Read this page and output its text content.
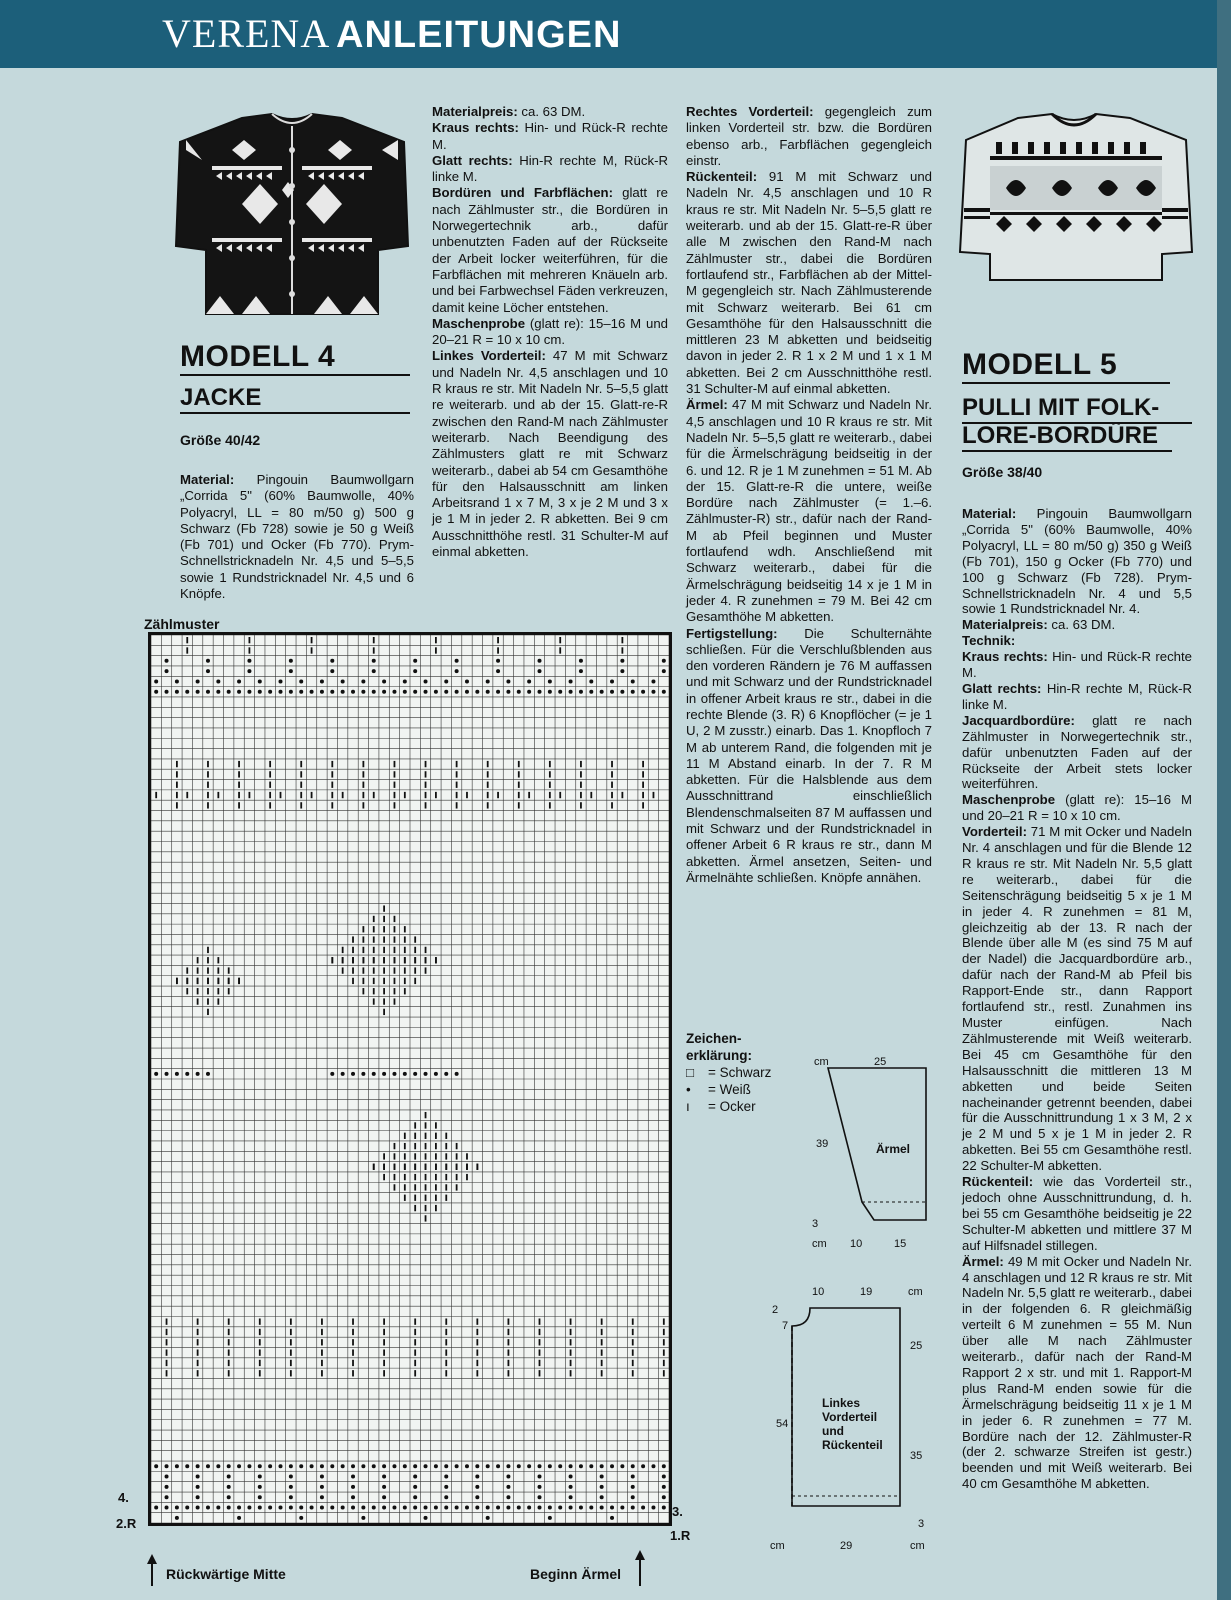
VERENA ANLEITUNGEN
MODELL 4
JACKE
Größe 40/42

Material: Pingouin Baumwollgarn „Corrida 5" (60% Baumwolle, 40% Polyacryl, LL = 80 m/50 g) 500 g Schwarz (Fb 728) sowie je 50 g Weiß (Fb 701) und Ocker (Fb 770). Prym-Schnellstricknadeln Nr. 4,5 und 5–5,5 sowie 1 Rundstricknadel Nr. 4,5 und 6 Knöpfe.

Materialpreis: ca. 63 DM.

Kraus rechts: Hin- und Rück-R rechte M.

Glatt rechts: Hin-R rechte M, Rück-R linke M.

Bordüren und Farbflächen: glatt re nach Zählmuster str., die Bordüren in Norwegertechnik arb., dafür unbenutzten Faden auf der Rückseite der Arbeit locker weiterführen, für die Farbflächen mit mehreren Knäueln arb. und bei Farbwechsel Fäden verkreuzen, damit keine Löcher entstehen.

Maschenprobe (glatt re): 15–16 M und 20–21 R = 10 x 10 cm.

Linkes Vorderteil: 47 M mit Schwarz und Nadeln Nr. 4,5 anschlagen und 10 R kraus re str. Mit Nadeln Nr. 5–5,5 glatt re weiterarb. und ab der 15. Glatt-re-R zwischen den Rand-M nach Zählmuster weiterarb. Nach Beendigung des Zählmusters glatt re mit Schwarz weiterarb., dabei ab 54 cm Gesamthöhe für den Halsausschnitt am linken Arbeitsrand 1 x 7 M, 3 x je 2 M und 3 x je 1 M in jeder 2. R abketten. Bei 9 cm Ausschnitthöhe restl. 31 Schulter-M auf einmal abketten.

Rechtes Vorderteil: gegengleich zum linken Vorderteil str. bzw. die Bordüren ebenso arb., Farbflächen gegengleich einstr.

Rückenteil: 91 M mit Schwarz und Nadeln Nr. 4,5 anschlagen und 10 R kraus re str. Mit Nadeln Nr. 5–5,5 glatt re weiterarb. und ab der 15. Glatt-re-R über alle M zwischen den Rand-M nach Zählmuster str., dabei die Bordüren fortlaufend str., Farbflächen ab der Mittel-M gegengleich str. Nach Zählmusterende mit Schwarz weiterarb. Bei 61 cm Gesamthöhe für den Halsausschnitt die mittleren 23 M abketten und beidseitig davon in jeder 2. R 1 x 2 M und 1 x 1 M abketten. Bei 2 cm Ausschnitthöhe restl. 31 Schulter-M auf einmal abketten.

Ärmel: 47 M mit Schwarz und Nadeln Nr. 4,5 anschlagen und 10 R kraus re str. Mit Nadeln Nr. 5–5,5 glatt re weiterarb., dabei für die Ärmelschrägung beidseitig in der 6. und 12. R je 1 M zunehmen = 51 M. Ab der 15. Glatt-re-R die untere, weiße Bordüre nach Zählmuster (= 1.–6. Zählmuster-R) str., dafür nach der Rand-M ab Pfeil beginnen und Muster fortlaufend wdh. Anschließend mit Schwarz weiterarb., dabei für die Ärmelschrägung beidseitig 14 x je 1 M in jeder 4. R zunehmen = 79 M. Bei 42 cm Gesamthöhe M abketten.

Fertigstellung: Die Schulternähte schließen. Für die Verschlußblenden aus den vorderen Rändern je 76 M auffassen und mit Schwarz und der Rundstricknadel in offener Arbeit kraus re str., dabei in die rechte Blende (3. R) 6 Knopflöcher (= je 1 U, 2 M zusstr.) einarb. Das 1. Knopfloch 7 M ab unterem Rand, die folgenden mit je 11 M Abstand einarb. In der 7. R M abketten. Für die Halsblende aus dem Ausschnittrand einschließlich Blendenschmalseiten 87 M auffassen und mit Schwarz und der Rundstricknadel in offener Arbeit 6 R kraus re str., dann M abketten. Ärmel ansetzen, Seiten- und Ärmelnähte schließen. Knöpfe annähen.

Zeichen-
erklärung:
□ = Schwarz
• = Weiß
ı = Ocker
cm	25
39	Ärmel
3
cm 10	15
10	19	cm
2
7
25
54
Linkes
Vorderteil
und
Rückenteil
35
3
cm	29	cm
MODELL 5
PULLI MIT FOLK-
LORE-BORDÜRE
Größe 38/40

Material: Pingouin Baumwollgarn „Corrida 5" (60% Baumwolle, 40% Polyacryl, LL = 80 m/50 g) 350 g Weiß (Fb 701), 150 g Ocker (Fb 770) und 100 g Schwarz (Fb 728). Prym-Schnellstricknadeln Nr. 4 und 5,5 sowie 1 Rundstricknadel Nr. 4.

Materialpreis: ca. 63 DM.

Technik:

Kraus rechts: Hin- und Rück-R rechte M.

Glatt rechts: Hin-R rechte M, Rück-R linke M.

Jacquardbordüre: glatt re nach Zählmuster in Norwegertechnik str., dafür unbenutzten Faden auf der Rückseite der Arbeit stets locker weiterführen.

Maschenprobe (glatt re): 15–16 M und 20–21 R = 10 x 10 cm.

Vorderteil: 71 M mit Ocker und Nadeln Nr. 4 anschlagen und für die Blende 12 R kraus re str. Mit Nadeln Nr. 5,5 glatt re weiterarb., dabei für die Seitenschrägung beidseitig 5 x je 1 M in jeder 4. R zunehmen = 81 M, gleichzeitig ab der 13. R nach der Blende über alle M (es sind 75 M auf der Nadel) die Jacquardbordüre arb., dafür nach der Rand-M ab Pfeil bis Rapport-Ende str., dann Rapport fortlaufend str., restl. Zunahmen ins Muster einfügen. Nach Zählmusterende mit Weiß weiterarb. Bei 45 cm Gesamthöhe für den Halsausschnitt die mittleren 13 M abketten und beide Seiten nacheinander getrennt beenden, dabei für die Ausschnittrundung 1 x 3 M, 2 x je 2 M und 5 x je 1 M in jeder 2. R abketten. Bei 55 cm Gesamthöhe restl. 22 Schulter-M abketten.

Rückenteil: wie das Vorderteil str., jedoch ohne Ausschnittrundung, d. h. bei 55 cm Gesamthöhe beidseitig je 22 Schulter-M abketten und mittlere 37 M auf Hilfsnadel stillegen.

Ärmel: 49 M mit Ocker und Nadeln Nr. 4 anschlagen und 12 R kraus re str. Mit Nadeln Nr. 5,5 glatt re weiterarb., dabei in der folgenden 6. R gleichmäßig verteilt 6 M zunehmen = 55 M. Nun über alle M nach Zählmuster weiterarb., dafür nach der Rand-M Rapport 2 x str. und mit 1. Rapport-M plus Rand-M enden sowie für die Ärmelschrägung beidseitig 11 x je 1 M in jeder 6. R zunehmen = 77 M. Bordüre nach der 12. Zählmuster-R (der 2. schwarze Streifen ist gestr.) beenden und mit Weiß weiterarb. Bei 40 cm Gesamthöhe M abketten.

Zählmuster
4.
2.R
3.
1.R
Rückwärtige Mitte	Beginn Ärmel
